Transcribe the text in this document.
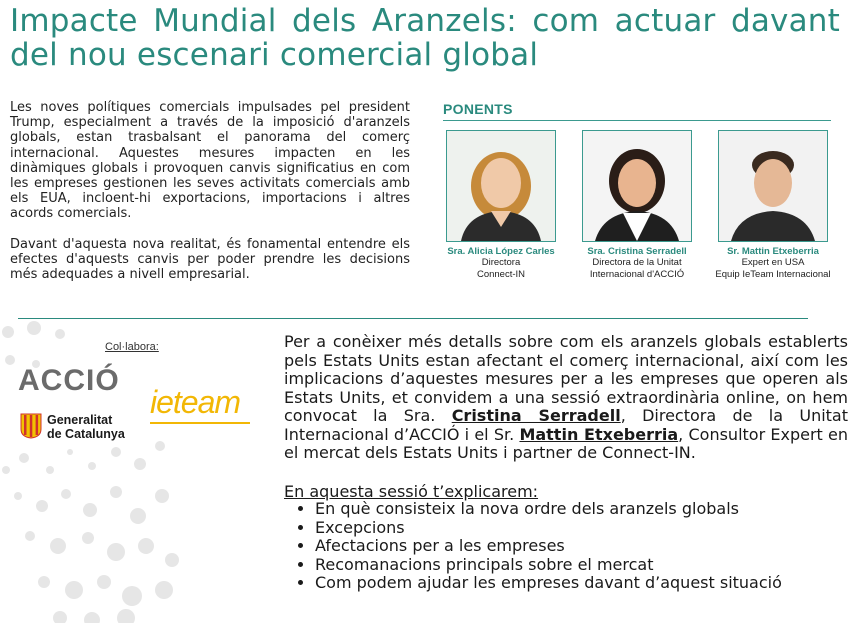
Impacte Mundial dels Aranzels: com actuar davant del nou escenari comercial global

Les noves polítiques comercials impulsades pel president Trump, especialment a través de la imposició d'aranzels globals, estan trasbalsant el panorama del comerç internacional. Aquestes mesures impacten en les dinàmiques globals i provoquen canvis significatius en com les empreses gestionen les seves activitats comercials amb els EUA, incloent-hi exportacions, importacions i altres acords comercials.

Davant d'aquesta nova realitat, és fonamental entendre els efectes d'aquests canvis per poder prendre les decisions més adequades a nivell empresarial.

PONENTS
Sra. Alicia López Carles
Directora
Connect-IN
Sra. Cristina Serradell
Directora de la Unitat
Internacional d'ACCIÓ
Sr. Mattin Etxeberria
Expert en USA
Equip IeTeam Internacional
Col·labora:
ACCIÓ
Generalitat
de Catalunya
ieteam

Per a conèixer més detalls sobre com els aranzels globals establerts pels Estats Units estan afectant el comerç internacional, així com les implicacions d’aquestes mesures per a les empreses que operen als Estats Units, et convidem a una sessió extraordinària online, on hem convocat la Sra. Cristina Serradell, Directora de la Unitat Internacional d’ACCIÓ i el Sr. Mattin Etxeberria, Consultor Expert en el mercat dels Estats Units i partner de Connect-IN.

En aquesta sessió t’explicarem:
• En què consisteix la nova ordre dels aranzels globals
• Excepcions
• Afectacions per a les empreses
• Recomanacions principals sobre el mercat
• Com podem ajudar les empreses davant d’aquest situació
